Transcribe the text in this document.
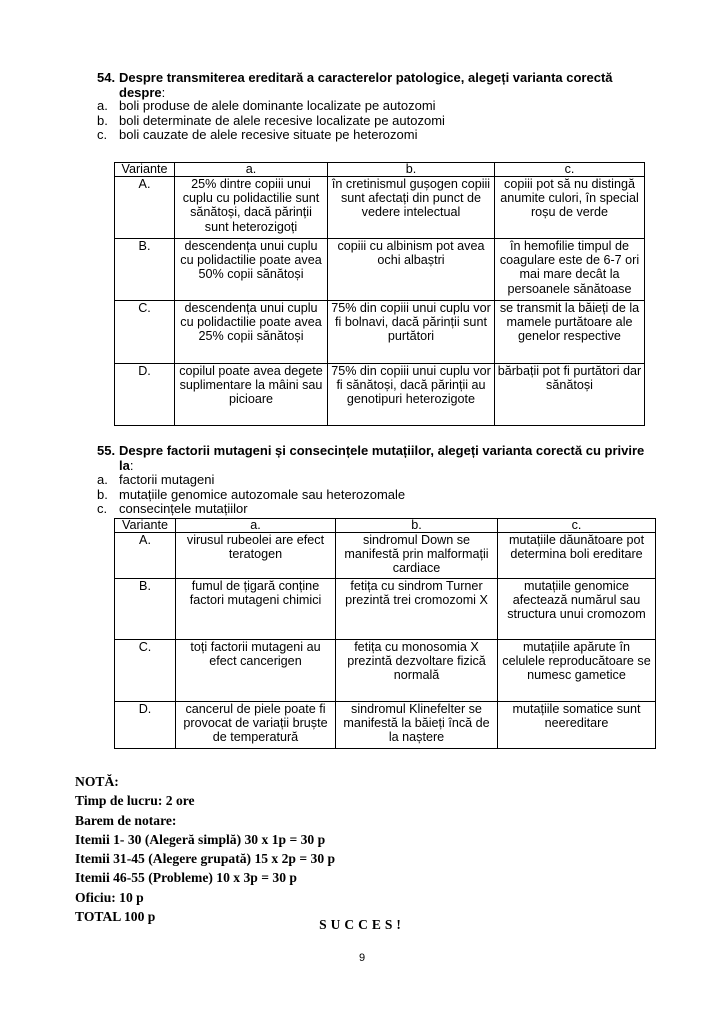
54. Despre transmiterea ereditară a caracterelor patologice, alegeți varianta corectă
despre:
a. boli produse de alele dominante localizate pe autozomi
b. boli determinate de alele recesive localizate pe autozomi
c. boli cauzate de alele recesive situate pe heterozomi
Variante	a.	b.	c.
A.	25% dintre copiii unui cuplu cu polidactilie sunt sănătoși, dacă părinții sunt heterozigoți	în cretinismul gușogen copiii sunt afectați din punct de vedere intelectual	copiii pot să nu distingă anumite culori, în special roșu de verde
B.	descendența unui cuplu cu polidactilie poate avea 50% copii sănătoși	copiii cu albinism pot avea ochi albaștri	în hemofilie timpul de coagulare este de 6-7 ori mai mare decât la persoanele sănătoase
C.	descendența unui cuplu cu polidactilie poate avea 25% copii sănătoși	75% din copiii unui cuplu vor fi bolnavi, dacă părinții sunt purtători	se transmit la băieți de la mamele purtătoare ale genelor respective
D.	copilul poate avea degete suplimentare la mâini sau picioare	75% din copiii unui cuplu vor fi sănătoși, dacă părinții au genotipuri heterozigote	bărbații pot fi purtători dar sănătoși
55. Despre factorii mutageni și consecințele mutațiilor, alegeți varianta corectă cu privire
la:
a. factorii mutageni
b. mutațiile genomice autozomale sau heterozomale
c. consecințele mutațiilor
Variante	a.	b.	c.
A.	virusul rubeolei are efect teratogen	sindromul Down se manifestă prin malformații cardiace	mutațiile dăunătoare pot determina boli ereditare
B.	fumul de țigară conține factori mutageni chimici	fetița cu sindrom Turner prezintă trei cromozomi X	mutațiile genomice afectează numărul sau structura unui cromozom
C.	toți factorii mutageni au efect cancerigen	fetița cu monosomia X prezintă dezvoltare fizică normală	mutațiile apărute în celulele reproducătoare se numesc gametice
D.	cancerul de piele poate fi provocat de variații bruște de temperatură	sindromul Klinefelter se manifestă la băieți încă de la naștere	mutațiile somatice sunt neereditare
NOTĂ:
Timp de lucru: 2 ore
Barem de notare:
Itemii 1- 30 (Alegeră simplă) 30 x 1p = 30 p
Itemii 31-45 (Alegere grupată) 15 x 2p = 30 p
Itemii 46-55 (Probleme) 10 x 3p = 30 p
Oficiu: 10 p
TOTAL 100 p
SUCCES!
9
